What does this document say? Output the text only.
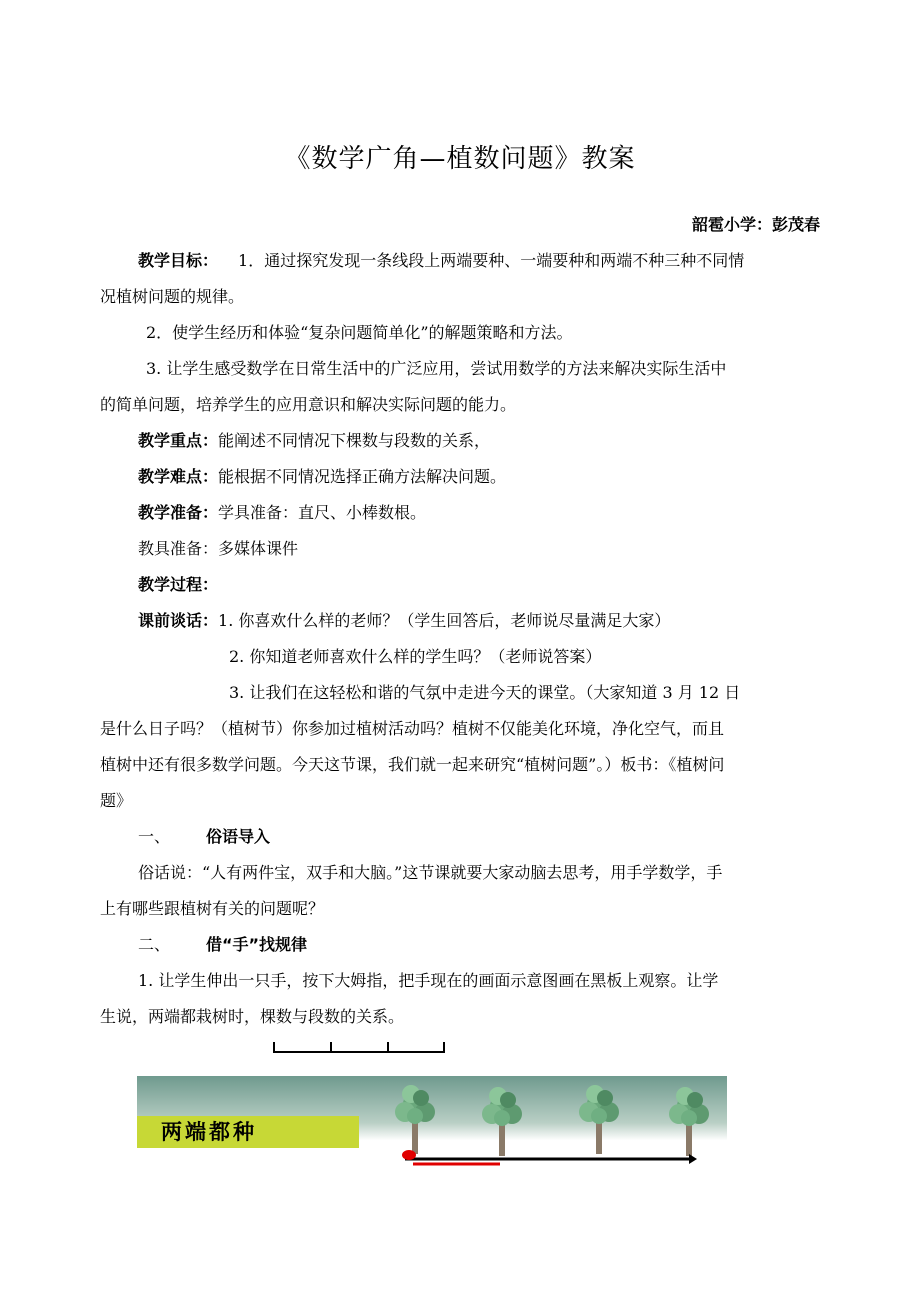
《数学广角—植数问题》教案
韶雹小学：彭茂春
教学目标： 1．通过探究发现一条线段上两端要种、一端要种和两端不种三种不同情
况植树问题的规律。
2．使学生经历和体验“复杂问题简单化”的解题策略和方法。
3. 让学生感受数学在日常生活中的广泛应用，尝试用数学的方法来解决实际生活中
的简单问题，培养学生的应用意识和解决实际问题的能力。
教学重点：能阐述不同情况下棵数与段数的关系，
教学难点：能根据不同情况选择正确方法解决问题。
教学准备：学具准备：直尺、小棒数根。
教具准备：多媒体课件
教学过程：
课前谈话：1. 你喜欢什么样的老师？（学生回答后，老师说尽量满足大家）
2. 你知道老师喜欢什么样的学生吗？（老师说答案）
3. 让我们在这轻松和谐的气氛中走进今天的课堂。（大家知道 3 月 12 日
是什么日子吗？（植树节）你参加过植树活动吗？植树不仅能美化环境，净化空气，而且
植树中还有很多数学问题。今天这节课，我们就一起来研究“植树问题”。）板书：《植树问
题》
一、 俗语导入
俗话说：“人有两件宝，双手和大脑。”这节课就要大家动脑去思考，用手学数学，手
上有哪些跟植树有关的问题呢？
二、 借“手”找规律
1. 让学生伸出一只手，按下大姆指，把手现在的画面示意图画在黑板上观察。让学
生说，两端都栽树时，棵数与段数的关系。
两端都种
